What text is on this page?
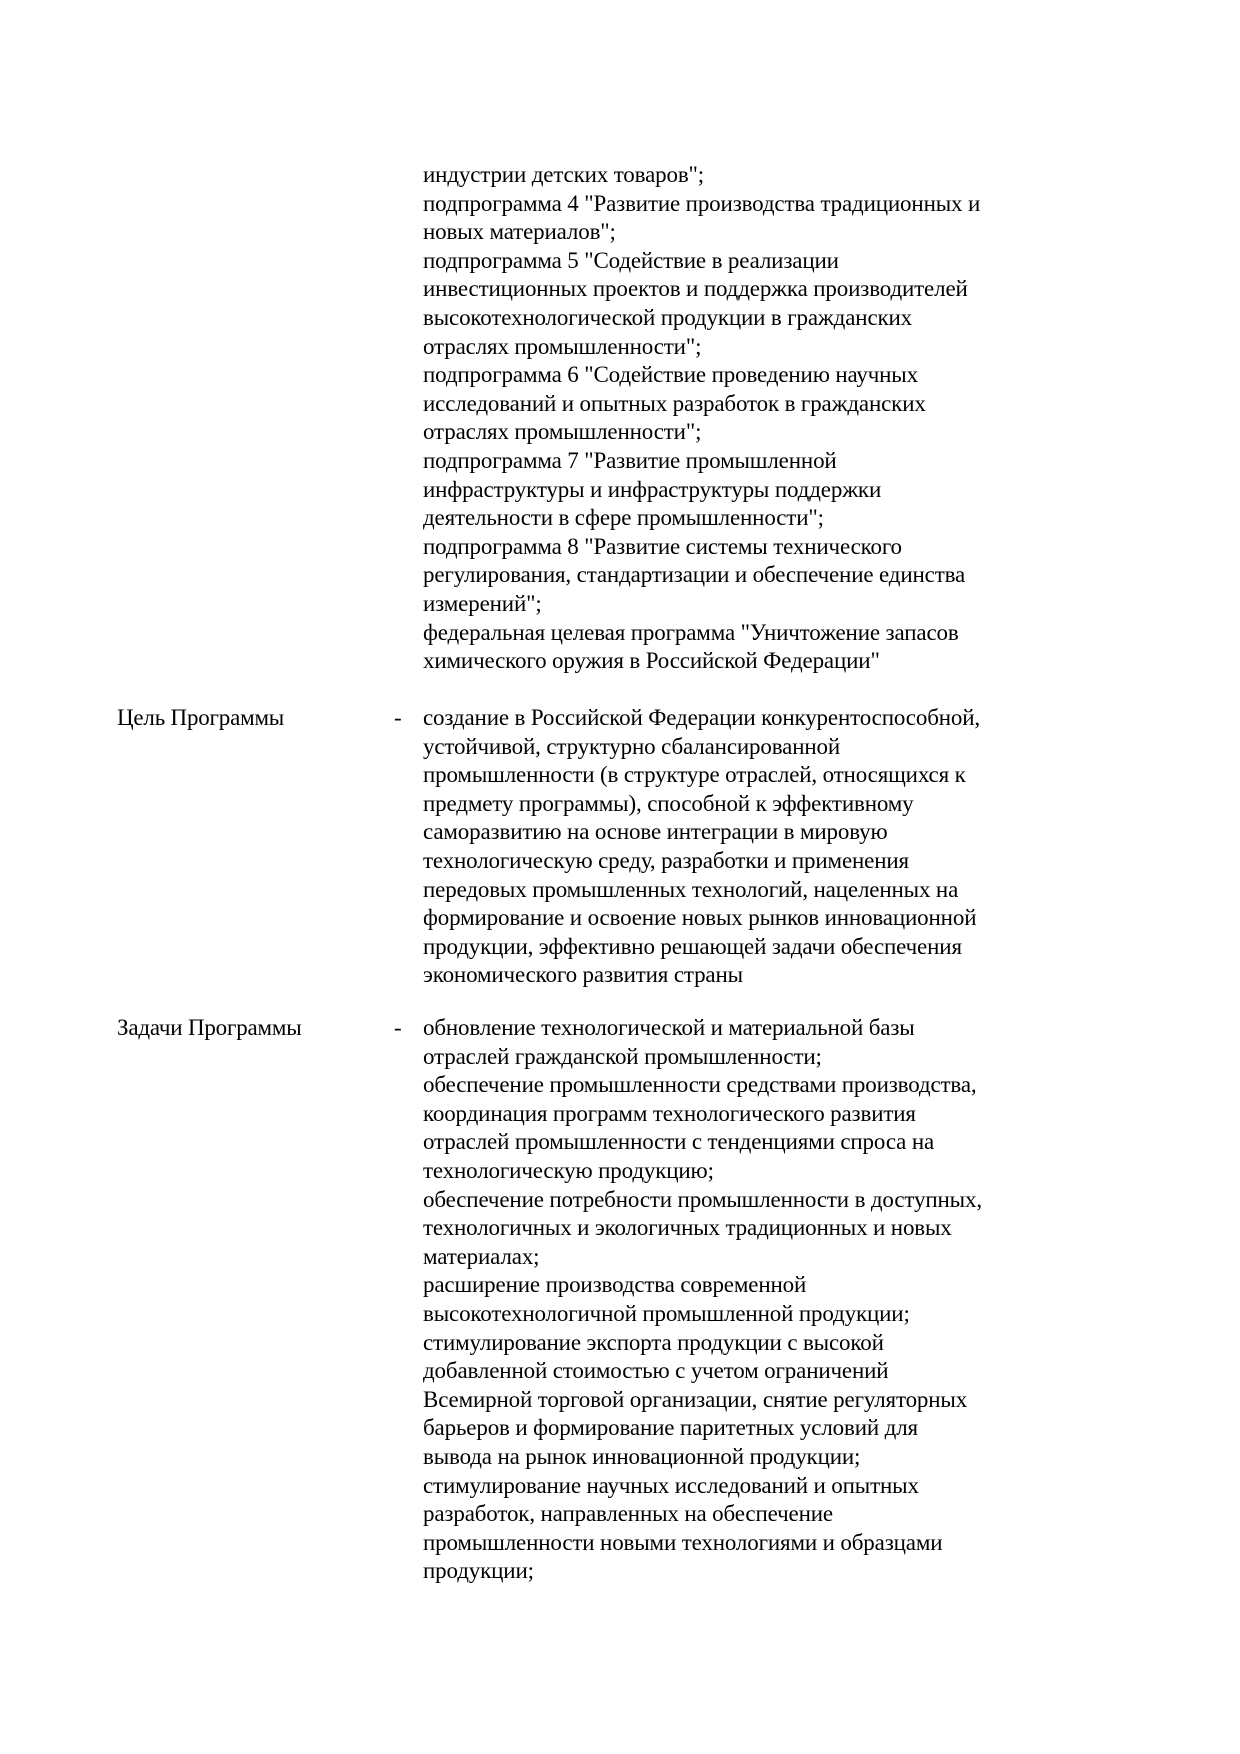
индустрии детских товаров";
подпрограмма 4 "Развитие производства традиционных и
новых материалов";
подпрограмма 5 "Содействие в реализации
инвестиционных проектов и поддержка производителей
высокотехнологической продукции в гражданских
отраслях промышленности";
подпрограмма 6 "Содействие проведению научных
исследований и опытных разработок в гражданских
отраслях промышленности";
подпрограмма 7 "Развитие промышленной
инфраструктуры и инфраструктуры поддержки
деятельности в сфере промышленности";
подпрограмма 8 "Развитие системы технического
регулирования, стандартизации и обеспечение единства
измерений";
федеральная целевая программа "Уничтожение запасов
химического оружия в Российской Федерации"
Цель Программы	- создание в Российской Федерации конкурентоспособной,
устойчивой, структурно сбалансированной
промышленности (в структуре отраслей, относящихся к
предмету программы), способной к эффективному
саморазвитию на основе интеграции в мировую
технологическую среду, разработки и применения
передовых промышленных технологий, нацеленных на
формирование и освоение новых рынков инновационной
продукции, эффективно решающей задачи обеспечения
экономического развития страны
Задачи Программы	- обновление технологической и материальной базы
отраслей гражданской промышленности;
обеспечение промышленности средствами производства,
координация программ технологического развития
отраслей промышленности с тенденциями спроса на
технологическую продукцию;
обеспечение потребности промышленности в доступных,
технологичных и экологичных традиционных и новых
материалах;
расширение производства современной
высокотехнологичной промышленной продукции;
стимулирование экспорта продукции с высокой
добавленной стоимостью с учетом ограничений
Всемирной торговой организации, снятие регуляторных
барьеров и формирование паритетных условий для
вывода на рынок инновационной продукции;
стимулирование научных исследований и опытных
разработок, направленных на обеспечение
промышленности новыми технологиями и образцами
продукции;
